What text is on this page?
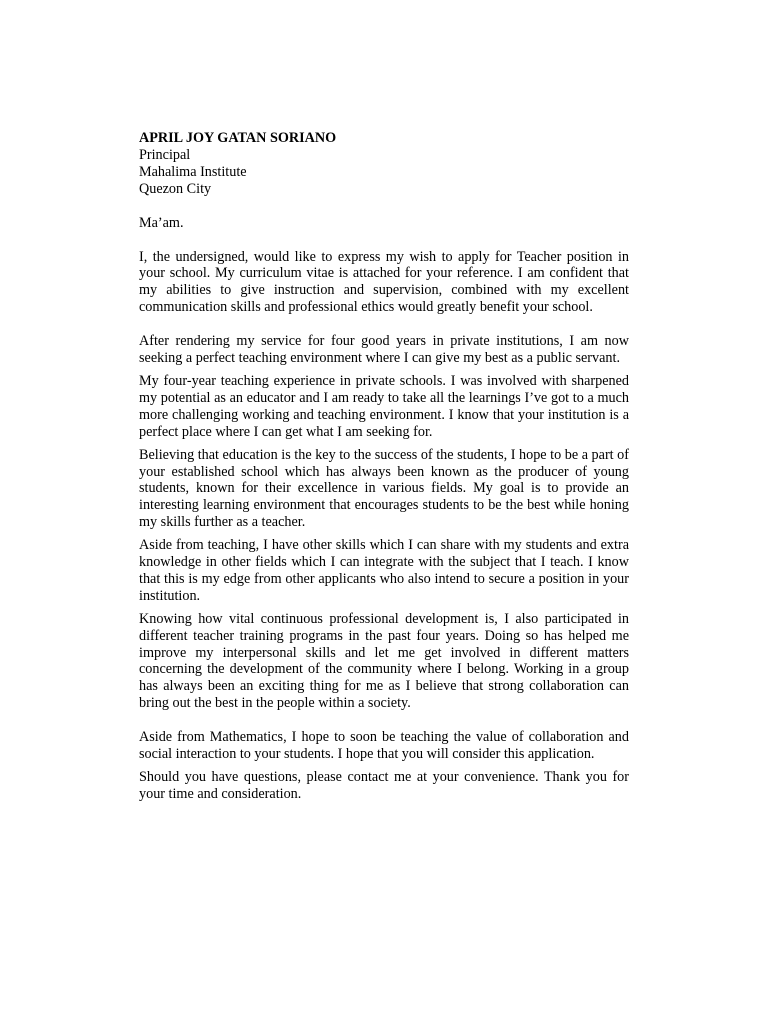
APRIL JOY GATAN SORIANO
Principal
Mahalima Institute
Quezon City
Ma’am.

I, the undersigned, would like to express my wish to apply for Teacher position in your school. My curriculum vitae is attached for your reference. I am confident that my abilities to give instruction and supervision, combined with my excellent communication skills and professional ethics would greatly benefit your school.

After rendering my service for four good years in private institutions, I am now seeking a perfect teaching environment where I can give my best as a public servant.

My four-year teaching experience in private schools. I was involved with sharpened my potential as an educator and I am ready to take all the learnings I’ve got to a much more challenging working and teaching environment. I know that your institution is a perfect place where I can get what I am seeking for.

Believing that education is the key to the success of the students, I hope to be a part of your established school which has always been known as the producer of young students, known for their excellence in various fields. My goal is to provide an interesting learning environment that encourages students to be the best while honing my skills further as a teacher.

Aside from teaching, I have other skills which I can share with my students and extra knowledge in other fields which I can integrate with the subject that I teach. I know that this is my edge from other applicants who also intend to secure a position in your institution.

Knowing how vital continuous professional development is, I also participated in different teacher training programs in the past four years. Doing so has helped me improve my interpersonal skills and let me get involved in different matters concerning the development of the community where I belong. Working in a group has always been an exciting thing for me as I believe that strong collaboration can bring out the best in the people within a society.

Aside from Mathematics, I hope to soon be teaching the value of collaboration and social interaction to your students. I hope that you will consider this application.

Should you have questions, please contact me at your convenience. Thank you for your time and consideration.
